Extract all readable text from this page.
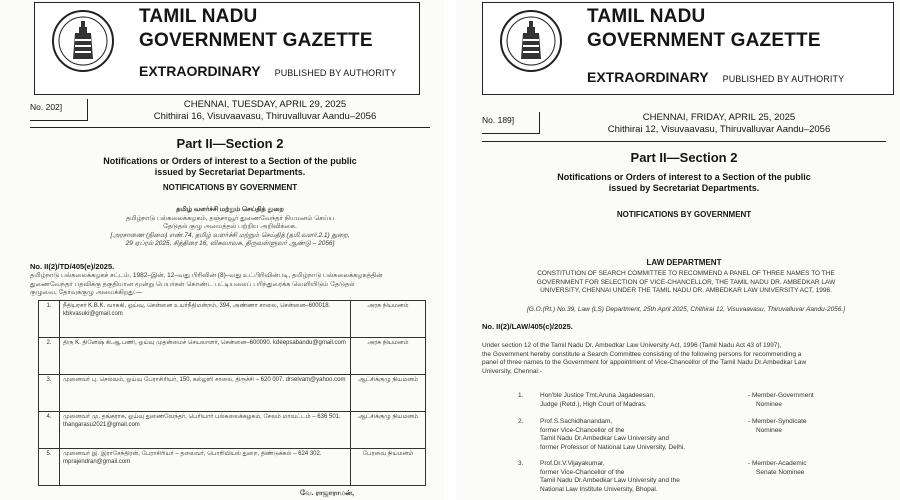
TAMIL NADU
GOVERNMENT GAZETTE
EXTRAORDINARY PUBLISHED BY AUTHORITY
No. 202]	CHENNAI, TUESDAY, APRIL 29, 2025
Chithirai 16, Visuvaavasu, Thiruvalluvar Aandu–2056
Part II—Section 2
Notifications or Orders of interest to a Section of the public
issued by Secretariat Departments.
NOTIFICATIONS BY GOVERNMENT
தமிழ் வளர்ச்சி மற்றும் செய்தித் துறை
தமிழ்நாடு பல்கலைக்கழகம், தஞ்சாவூர் துணைவேந்தர் நியமனம் செய்ய
தேடுதல் குழு அமைத்தல் பற்றிய அறிவிக்கை.
[அரசாணை (நிலை) எண்.74, தமிழ் வளர்ச்சி மற்றும் செய்தித் (தமி.வளர்.2.1) துறை,
29 ஏப்ரல் 2025, சித்திரை 16, விசுவாவசு, திருவள்ளுவர் ஆண்டு – 2056]
No. II(2)/TD/405(e)/2025.
தமிழ்நாடு பல்கலைக்கழகச் சட்டம், 1982–இன், 12–வது பிரிவின் (8)–வது உட்பிரிவின்படி, தமிழ்நாடு பல்கலைக்கழகத்தின்
துணைவேந்தர் பதவிக்கு தகுதியான மூன்று பெயர்கள் கொண்ட பட்டியலைப் பரிந்துரைக்க வெளியிடும் தேடுதல்
குழுவை, தேர்வுக்குழு அமைக்கிறது:—
1.	நீதியரசர் K.B.K. வாசுகி, ஓய்வு, சென்னை உயர்நீதிமன்றம், 394, அண்ணா சாலை, சென்னை–600018. kbkvasuki@gmail.com	அரசு நியமனம்
2.	திரு K. தினேஷ் கி.ஆ.பணி, ஓய்வு முதன்மைச் செயலாளர், சென்னை–600090. kdeepsabandu@gmail.com	அரசு நியமனம்
3.	முனைவர் பு. செல்வம், ஓய்வு பேராசிரியர், 150, கல்லூரி சாலை, திருச்சி – 620 007. drselvam@yahoo.com	ஆட்சிக்குழு நியமனம்
4.	முனைவர் மு. தங்கராசு, ஓய்வு துணைவேந்தர், பெரியார் பல்கலைக்கழகம், சேலம் மாவட்டம் – 636 501. thangarasu2021@gmail.com	ஆட்சிக்குழு நியமனம்
5.	முனைவர் இ. இராசேந்திரன், பேராசிரியர் – தலைவர், பொறியியல் துறை, திண்டுக்கல் – 624 302. mprajendran@gmail.com	பேரவை நியமனம்
வே. ராஜாராமன்,
TAMIL NADU
GOVERNMENT GAZETTE
EXTRAORDINARY PUBLISHED BY AUTHORITY
No. 189]	CHENNAI, FRIDAY, APRIL 25, 2025
Chithirai 12, Visuvaavasu, Thiruvalluvar Aandu–2056
Part II—Section 2
Notifications or Orders of interest to a Section of the public
issued by Secretariat Departments.
NOTIFICATIONS BY GOVERNMENT
LAW DEPARTMENT
CONSTITUTION OF SEARCH COMMITTEE TO RECOMMEND A PANEL OF THREE NAMES TO THE
GOVERNMENT FOR SELECTION OF VICE-CHANCELLOR, THE TAMIL NADU DR. AMBEDKAR LAW
UNIVERSITY, CHENNAI UNDER THE TAMIL NADU DR. AMBEDKAR LAW UNIVERSITY ACT, 1996.
[G.O.(Rt.) No.39, Law (LS) Department, 25th April 2025, Chithirai 12, Visuvaavasu, Thiruvalluvar Aandu-2056.]
No. II(2)/LAW/405(c)/2025.
Under section 12 of the Tamil Nadu Dr. Ambedkar Law University Act, 1996 (Tamil Nadu Act 43 of 1997),
the Government hereby constitute a Search Committee consisting of the following persons for recommending a
panel of three names to the Government for appointment of Vice-Chancellor of the Tamil Nadu Dr.Ambedkar Law
University, Chennai:-
1.	Hon'ble Justice Tmt.Aruna Jagadeesan,
Judge (Retd.), High Court of Madras.
- Member-Government
Nominee
2.	Prof.S.Sachidhanandam,
former Vice-Chancellor of the
Tamil Nadu Dr.Ambedkar Law University and
former Professor of National Law University, Delhi.
- Member-Syndicate
Nominee
3.	Prof.Dr.V.Vijayakumar,
former Vice-Chancellor of the
Tamil Nadu Dr.Ambedkar Law University and the
National Law Institute University, Bhopal.
- Member-Academic
Senate Nominee
